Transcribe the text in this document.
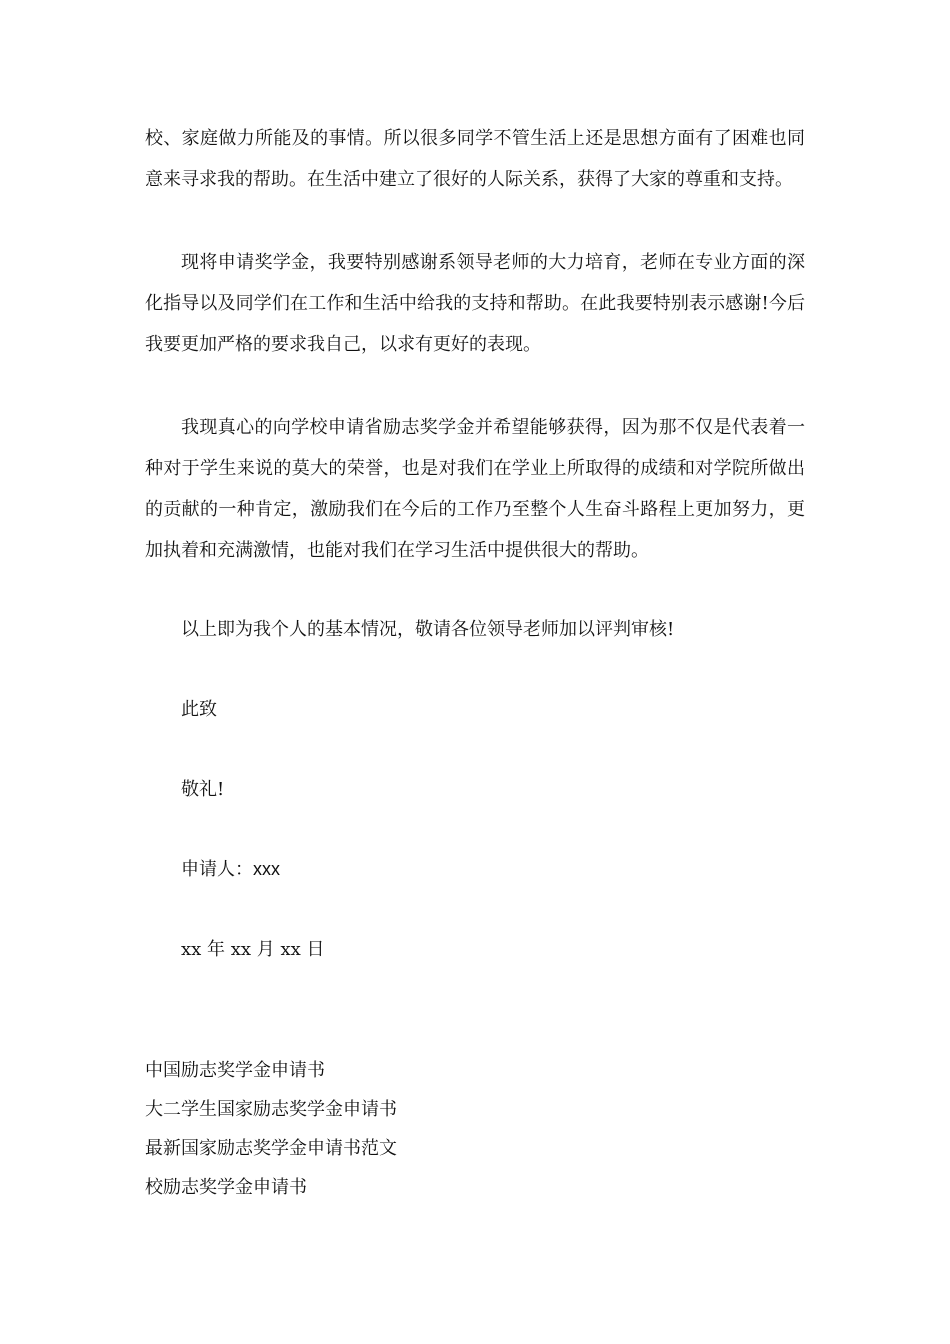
校、家庭做力所能及的事情。所以很多同学不管生活上还是思想方面有了困难也同意来寻求我的帮助。在生活中建立了很好的人际关系，获得了大家的尊重和支持。

现将申请奖学金，我要特别感谢系领导老师的大力培育，老师在专业方面的深化指导以及同学们在工作和生活中给我的支持和帮助。在此我要特别表示感谢!今后我要更加严格的要求我自己，以求有更好的表现。

我现真心的向学校申请省励志奖学金并希望能够获得，因为那不仅是代表着一种对于学生来说的莫大的荣誉，也是对我们在学业上所取得的成绩和对学院所做出的贡献的一种肯定，激励我们在今后的工作乃至整个人生奋斗路程上更加努力，更加执着和充满激情，也能对我们在学习生活中提供很大的帮助。

以上即为我个人的基本情况，敬请各位领导老师加以评判审核!

此致

敬礼!

申请人：xxx

xx 年 xx 月 xx 日

中国励志奖学金申请书
大二学生国家励志奖学金申请书
最新国家励志奖学金申请书范文
校励志奖学金申请书
